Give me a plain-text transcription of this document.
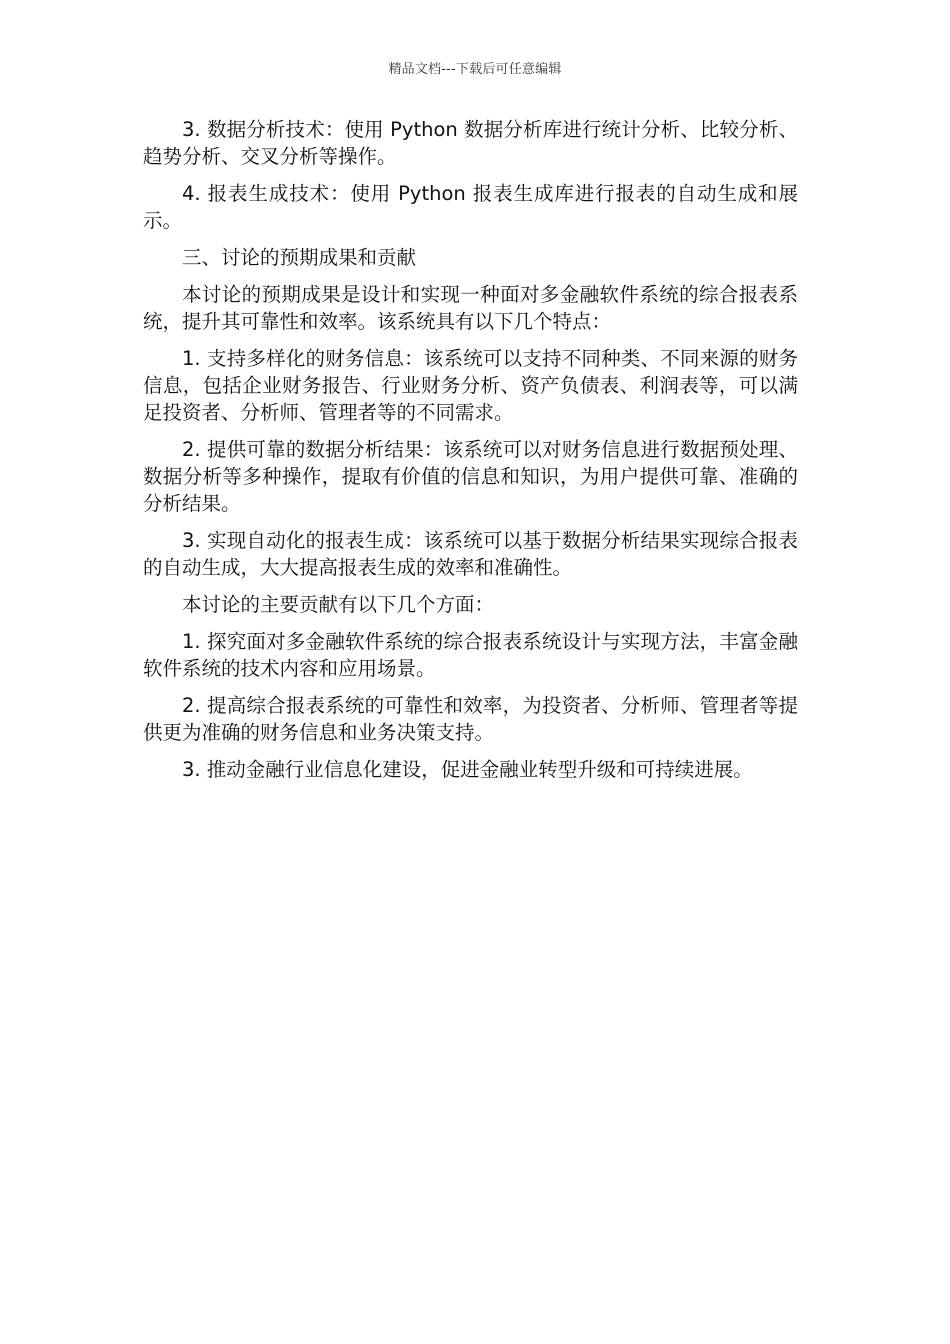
精品文档---下载后可任意编辑

3. 数据分析技术：使用 Python 数据分析库进行统计分析、比较分析、趋势分析、交叉分析等操作。

4. 报表生成技术：使用 Python 报表生成库进行报表的自动生成和展示。

三、讨论的预期成果和贡献

本讨论的预期成果是设计和实现一种面对多金融软件系统的综合报表系统，提升其可靠性和效率。该系统具有以下几个特点：

1. 支持多样化的财务信息：该系统可以支持不同种类、不同来源的财务信息，包括企业财务报告、行业财务分析、资产负债表、利润表等，可以满足投资者、分析师、管理者等的不同需求。

2. 提供可靠的数据分析结果：该系统可以对财务信息进行数据预处理、数据分析等多种操作，提取有价值的信息和知识，为用户提供可靠、准确的分析结果。

3. 实现自动化的报表生成：该系统可以基于数据分析结果实现综合报表的自动生成，大大提高报表生成的效率和准确性。

本讨论的主要贡献有以下几个方面：

1. 探究面对多金融软件系统的综合报表系统设计与实现方法，丰富金融软件系统的技术内容和应用场景。

2. 提高综合报表系统的可靠性和效率，为投资者、分析师、管理者等提供更为准确的财务信息和业务决策支持。

3. 推动金融行业信息化建设，促进金融业转型升级和可持续进展。
